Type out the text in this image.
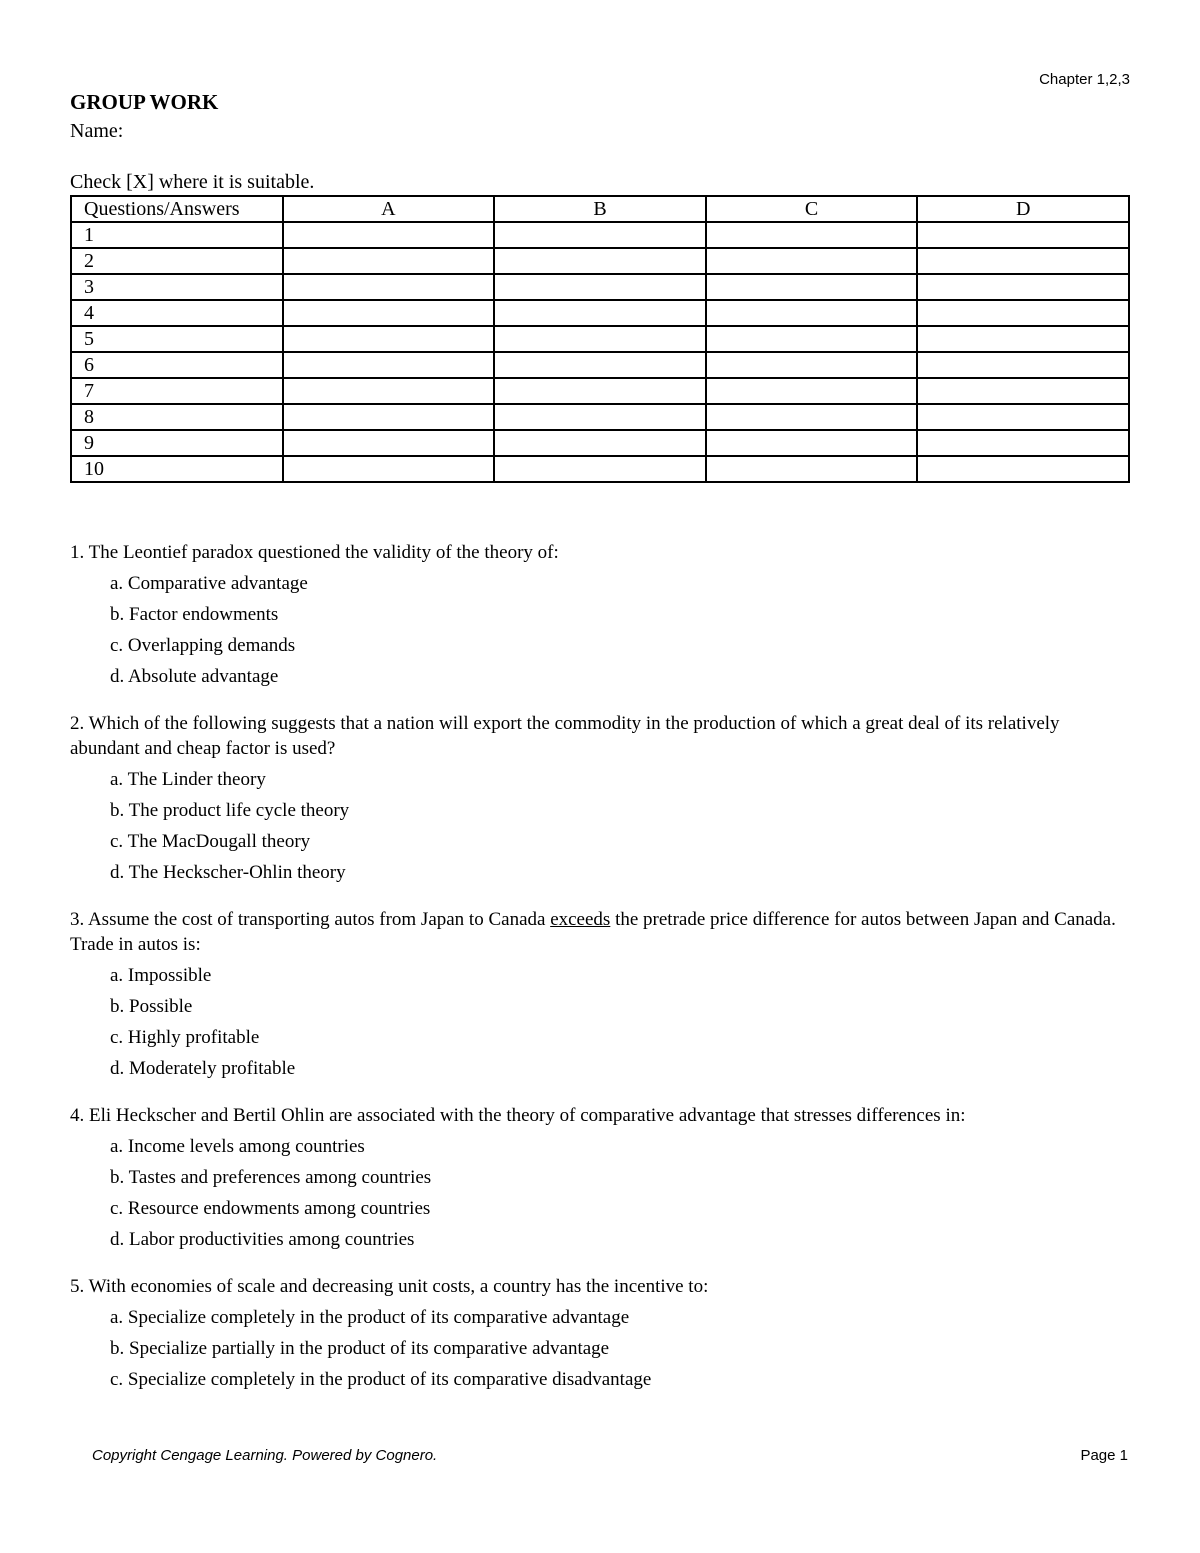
Chapter 1,2,3
GROUP WORK
Name:
Check [X] where it is suitable.
Questions/Answers	A	B	C	D
1				
2				
3				
4				
5				
6				
7				
8				
9				
10				

1. The Leontief paradox questioned the validity of the theory of:

a. Comparative advantage
b. Factor endowments
c. Overlapping demands
d. Absolute advantage

2. Which of the following suggests that a nation will export the commodity in the production of which a great deal of its relatively abundant and cheap factor is used?

a. The Linder theory
b. The product life cycle theory
c. The MacDougall theory
d. The Heckscher-Ohlin theory

3. Assume the cost of transporting autos from Japan to Canada exceeds the pretrade price difference for autos between Japan and Canada. Trade in autos is:

a. Impossible
b. Possible
c. Highly profitable
d. Moderately profitable

4. Eli Heckscher and Bertil Ohlin are associated with the theory of comparative advantage that stresses differences in:

a. Income levels among countries
b. Tastes and preferences among countries
c. Resource endowments among countries
d. Labor productivities among countries

5. With economies of scale and decreasing unit costs, a country has the incentive to:

a. Specialize completely in the product of its comparative advantage
b. Specialize partially in the product of its comparative advantage
c. Specialize completely in the product of its comparative disadvantage
Copyright Cengage Learning. Powered by Cognero.	Page 1
